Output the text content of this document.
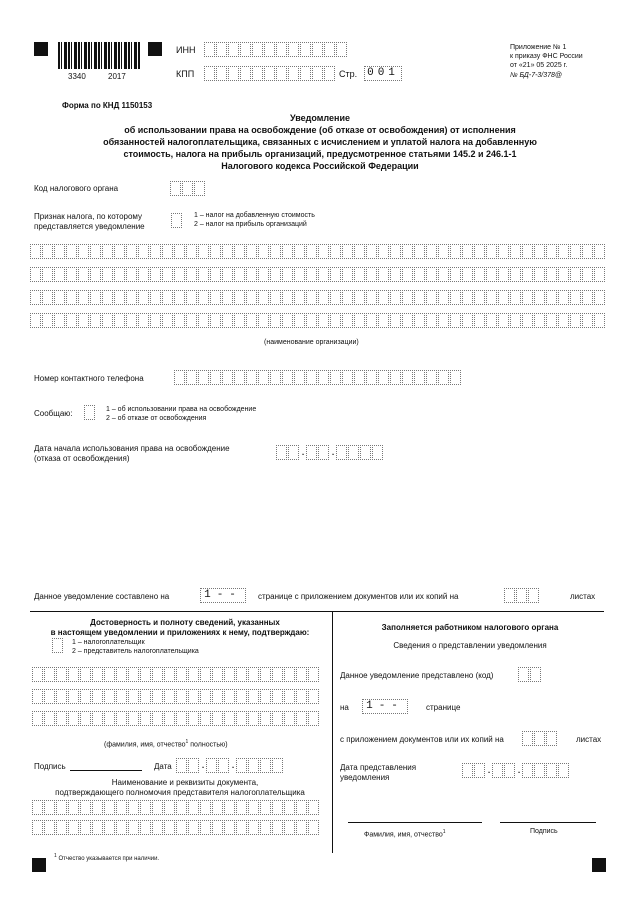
3340	2017
ИНН
КПП	Стр. 001
Приложение № 1
к приказу ФНС России
от «21» 05 2025 г.
№ БД-7-3/378@
Форма по КНД 1150153
Уведомление
об использовании права на освобождение (об отказе от освобождения) от исполнения
обязанностей налогоплательщика, связанных с исчислением и уплатой налога на добавленную
стоимость, налога на прибыль организаций, предусмотренное статьями 145.2 и 246.1-1
Налогового кодекса Российской Федерации
Код налогового органа
Признак налога, по которому
представляется уведомление
1 – налог на добавленную стоимость
2 – налог на прибыль организаций
(наименование организации)
Номер контактного телефона
Сообщаю:	1 – об использовании права на освобождение
2 – об отказе от освобождения
Дата начала использования права на освобождение
(отказа от освобождения)
. .
Данное уведомление составлено на	1--	странице с приложением документов или их копий на	листах
Достоверность и полноту сведений, указанных
в настоящем уведомлении и приложениях к нему, подтверждаю:
1 – налогоплательщик
2 – представитель налогоплательщика
(фамилия, имя, отчество$^1$ полностью)
Подпись	Дата . .
Наименование и реквизиты документа,
подтверждающего полномочия представителя налогоплательщика
Заполняется работником налогового органа
Сведения о представлении уведомления
Данное уведомление представлено (код)
на	1--	странице
с приложением документов или их копий на	листах
Дата представления
уведомления
. .
Фамилия, имя, отчество$^1$	Подпись
$^1$ Отчество указывается при наличии.
